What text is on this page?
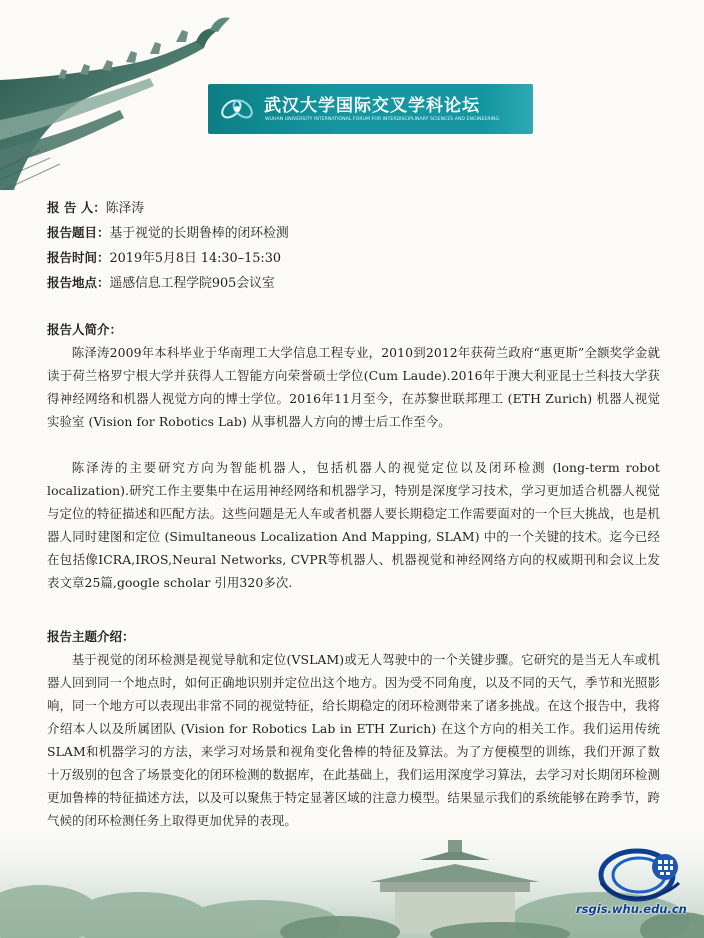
武汉大学国际交叉学科论坛
WUHAN UNIVERSITY INTERNATIONAL FORUM FOR INTERDISCIPLINARY SCIENCES AND ENGINEERING
报 告 人：陈泽涛
报告题目：基于视觉的长期鲁棒的闭环检测
报告时间：2019年5月8日 14:30–15:30
报告地点：遥感信息工程学院905会议室
报告人简介：

陈泽涛2009年本科毕业于华南理工大学信息工程专业，2010到2012年获荷兰政府“惠更斯”全额奖学金就读于荷兰格罗宁根大学并获得人工智能方向荣誉硕士学位(Cum Laude).2016年于澳大利亚昆士兰科技大学获得神经网络和机器人视觉方向的博士学位。2016年11月至今，在苏黎世联邦理工 (ETH Zurich) 机器人视觉实验室 (Vision for Robotics Lab) 从事机器人方向的博士后工作至今。

陈泽涛的主要研究方向为智能机器人，包括机器人的视觉定位以及闭环检测 (long-term robot localization).研究工作主要集中在运用神经网络和机器学习，特别是深度学习技术，学习更加适合机器人视觉与定位的特征描述和匹配方法。这些问题是无人车或者机器人要长期稳定工作需要面对的一个巨大挑战，也是机器人同时建图和定位 (Simultaneous Localization And Mapping, SLAM) 中的一个关键的技术。迄今已经在包括像ICRA,IROS,Neural Networks, CVPR等机器人、机器视觉和神经网络方向的权威期刊和会议上发表文章25篇,google scholar 引用320多次.

报告主题介绍：

基于视觉的闭环检测是视觉导航和定位(VSLAM)或无人驾驶中的一个关键步骤。它研究的是当无人车或机器人回到同一个地点时，如何正确地识别并定位出这个地方。因为受不同角度，以及不同的天气，季节和光照影响，同一个地方可以表现出非常不同的视觉特征，给长期稳定的闭环检测带来了诸多挑战。在这个报告中，我将介绍本人以及所属团队 (Vision for Robotics Lab in ETH Zurich) 在这个方向的相关工作。我们运用传统SLAM和机器学习的方法，来学习对场景和视角变化鲁棒的特征及算法。为了方便模型的训练，我们开源了数十万级别的包含了场景变化的闭环检测的数据库，在此基础上，我们运用深度学习算法，去学习对长期闭环检测更加鲁棒的特征描述方法，以及可以聚焦于特定显著区域的注意力模型。结果显示我们的系统能够在跨季节，跨

rsgis.whu.edu.cn
